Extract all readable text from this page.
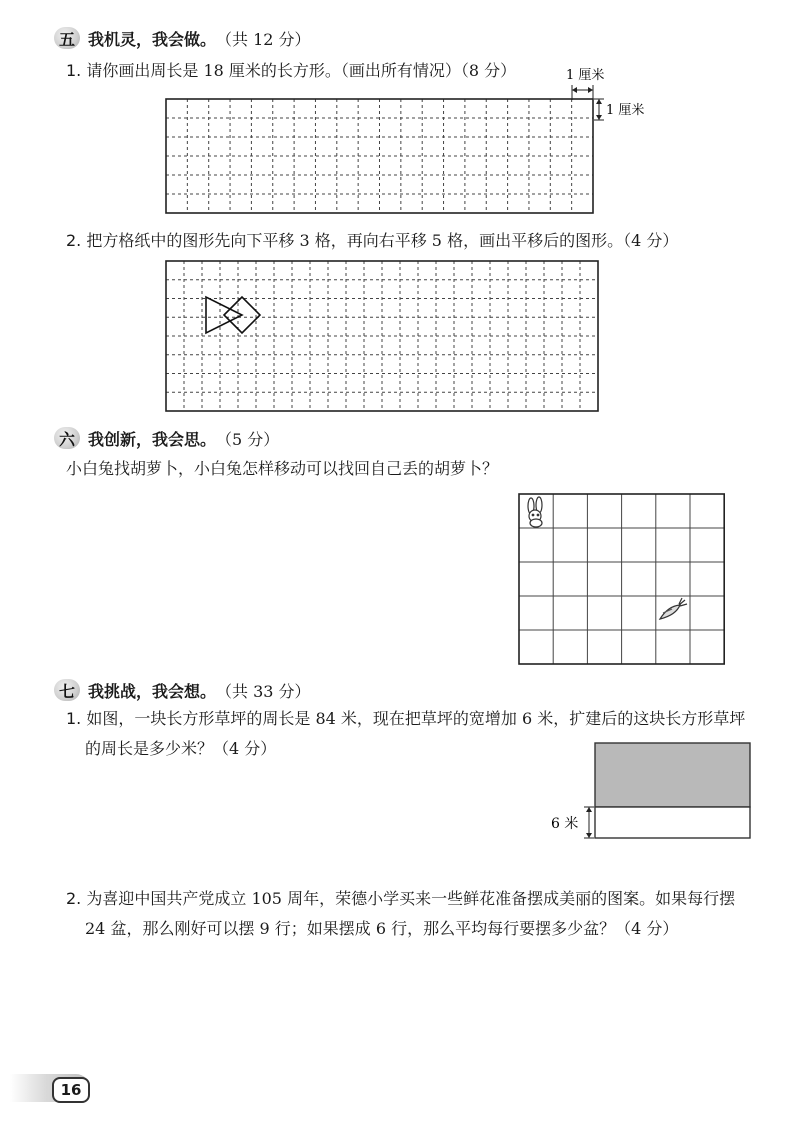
五 我机灵，我会做。 （共 12 分）
1. 请你画出周长是 18 厘米的长方形。（画出所有情况）（8 分）	1 厘米
1 厘米
6 米
2. 把方格纸中的图形先向下平移 3 格，再向右平移 5 格，画出平移后的图形。（4 分）
六 我创新，我会思。 （5 分）
小白兔找胡萝卜，小白兔怎样移动可以找回自己丢的胡萝卜？
七 我挑战，我会想。 （共 33 分）
1. 如图，一块长方形草坪的周长是 84 米，现在把草坪的宽增加 6 米，扩建后的这块长方形草坪
的周长是多少米？（4 分）
2. 为喜迎中国共产党成立 105 周年，荣德小学买来一些鲜花准备摆成美丽的图案。如果每行摆
24 盆，那么刚好可以摆 9 行；如果摆成 6 行，那么平均每行要摆多少盆？（4 分）
16
